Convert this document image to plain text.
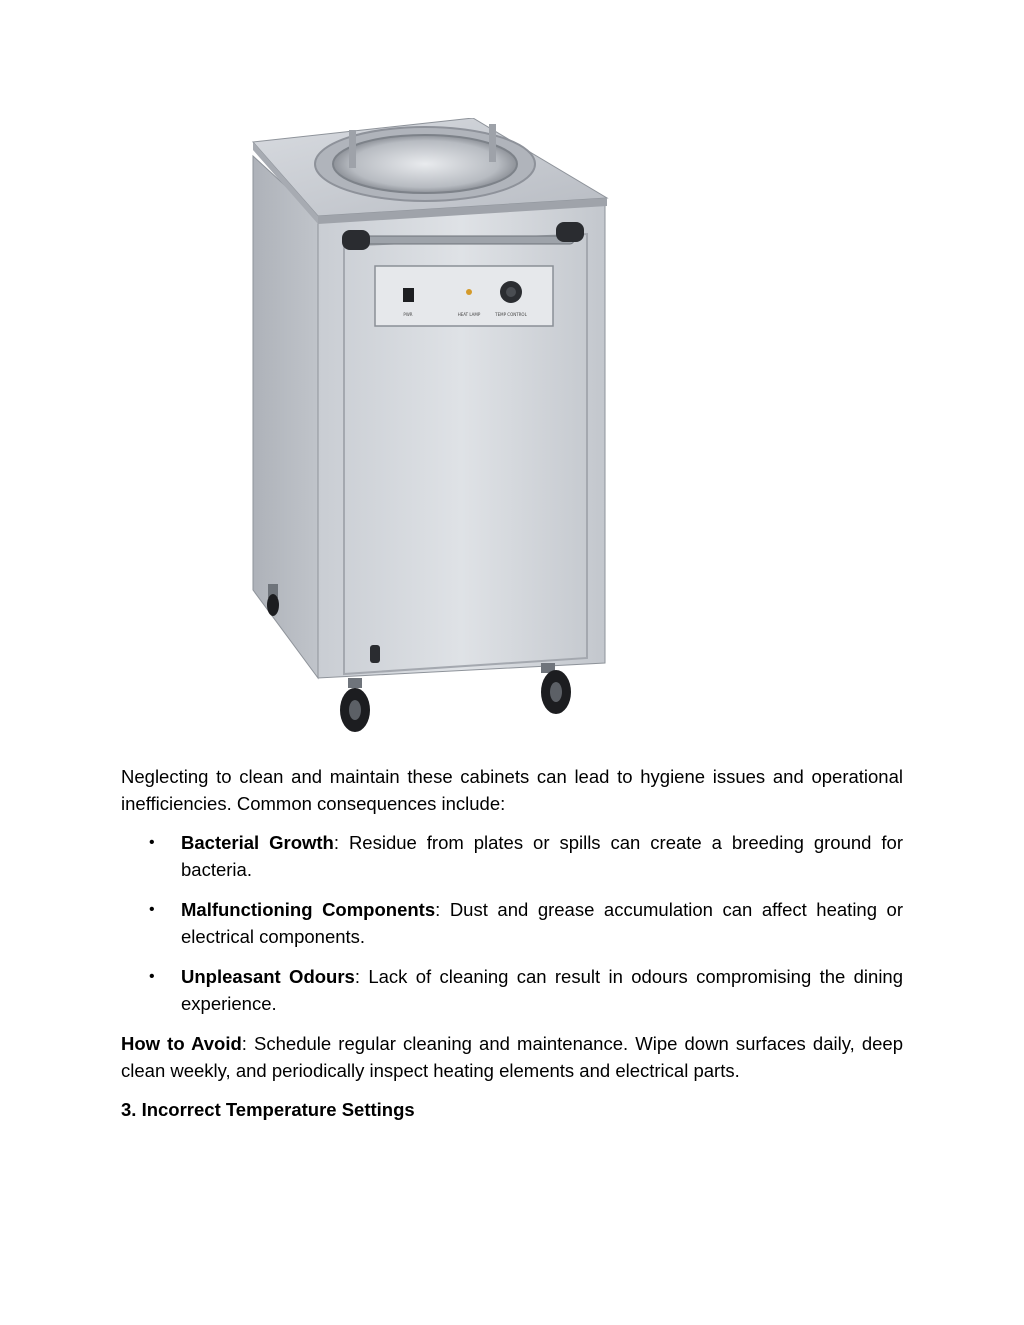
PWR	HEAT LAMP	TEMP CONTROL

Neglecting to clean and maintain these cabinets can lead to hygiene issues and operational inefficiencies. Common consequences include:

• Bacterial Growth: Residue from plates or spills can create a breeding ground for bacteria.
• Malfunctioning Components: Dust and grease accumulation can affect heating or electrical components.
• Unpleasant Odours: Lack of cleaning can result in odours compromising the dining experience.

How to Avoid: Schedule regular cleaning and maintenance. Wipe down surfaces daily, deep clean weekly, and periodically inspect heating elements and electrical parts.

3. Incorrect Temperature Settings
